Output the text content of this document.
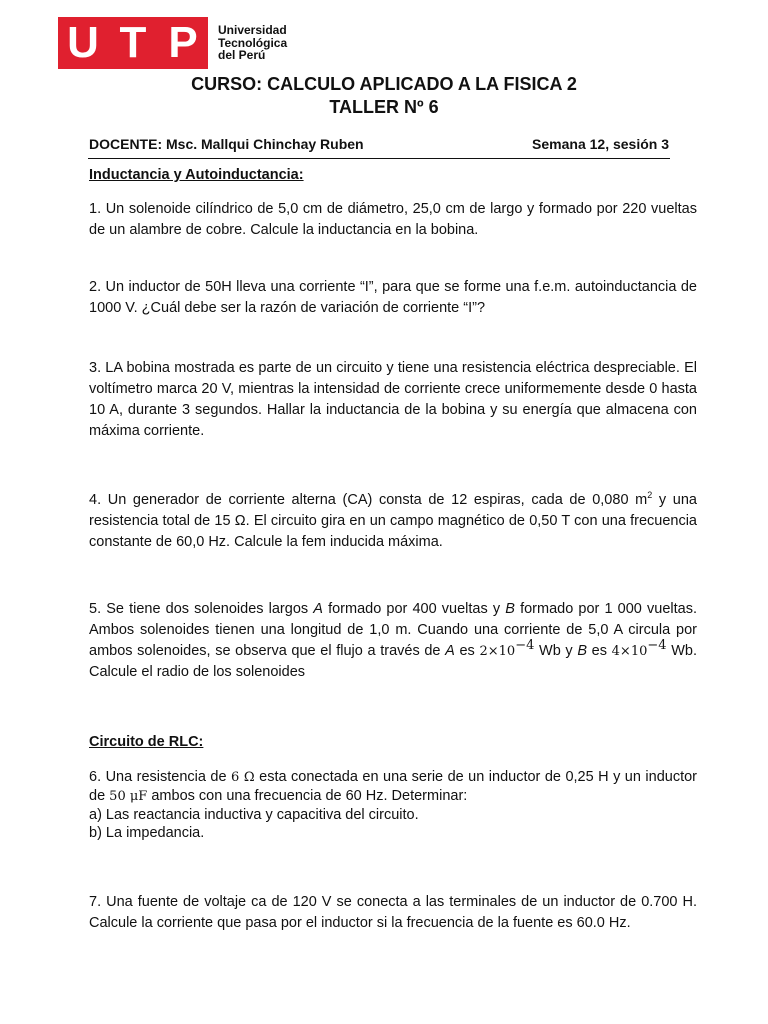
U T P	Universidad
Tecnológica
del Perú
CURSO: CALCULO APLICADO A LA FISICA 2
TALLER Nº 6
DOCENTE: Msc. Mallqui Chinchay Ruben	Semana 12, sesión 3
Inductancia y Autoinductancia:
1. Un solenoide cilíndrico de 5,0 cm de diámetro, 25,0 cm de largo y formado por 220 vueltas de un alambre de cobre. Calcule la inductancia en la bobina.
2. Un inductor de 50H lleva una corriente “I”, para que se forme una f.e.m. autoinductancia de 1000 V. ¿Cuál debe ser la razón de variación de corriente “I”?
3. LA bobina mostrada es parte de un circuito y tiene una resistencia eléctrica despreciable. El voltímetro marca 20 V, mientras la intensidad de corriente crece uniformemente desde 0 hasta 10 A, durante 3 segundos. Hallar la inductancia de la bobina y su energía que almacena con máxima corriente.
4. Un generador de corriente alterna (CA) consta de 12 espiras, cada de 0,080 $m^2$ y una resistencia total de 15 Ω. El circuito gira en un campo magnético de 0,50 T con una frecuencia constante de 60,0 Hz. Calcule la fem inducida máxima.
5. Se tiene dos solenoides largos A formado por 400 vueltas y B formado por 1 000 vueltas. Ambos solenoides tienen una longitud de 1,0 m. Cuando una corriente de 5,0 A circula por ambos solenoides, se observa que el flujo a través de A es $2\times 10^{-4}$ Wb y B es $4\times 10^{-4}$ Wb. Calcule el radio de los solenoides
Circuito de RLC:
6. Una resistencia de 6 Ω esta conectada en una serie de un inductor de 0,25 H y un inductor de 50 μF ambos con una frecuencia de 60 Hz. Determinar:
a) Las reactancia inductiva y capacitiva del circuito.
b) La impedancia.
7. Una fuente de voltaje ca de 120 V se conecta a las terminales de un inductor de 0.700 H. Calcule la corriente que pasa por el inductor si la frecuencia de la fuente es 60.0 Hz.
